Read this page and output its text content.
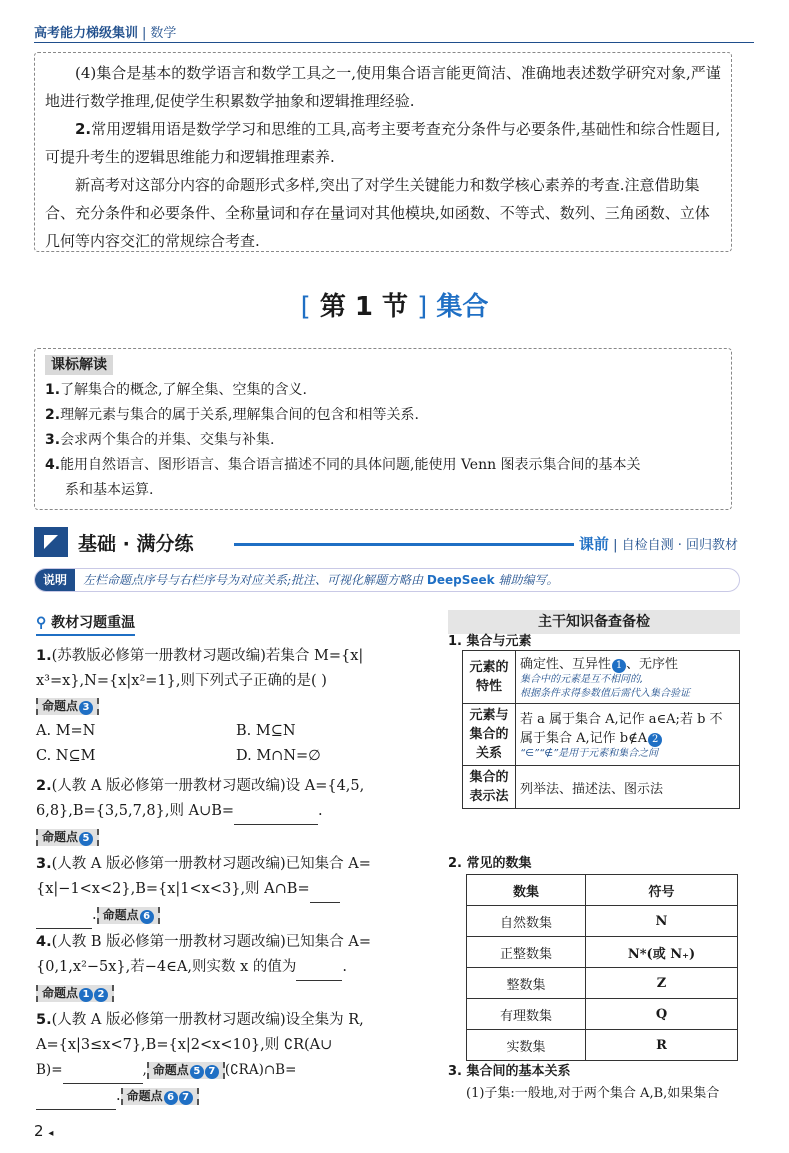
高考能力梯级集训 | 数学

(4)集合是基本的数学语言和数学工具之一,使用集合语言能更简洁、准确地表述数学研究对象,严谨地进行数学推理,促使学生积累数学抽象和逻辑推理经验.

2.常用逻辑用语是数学学习和思维的工具,高考主要考查充分条件与必要条件,基础性和综合性题目,可提升考生的逻辑思维能力和逻辑推理素养.

新高考对这部分内容的命题形式多样,突出了对学生关键能力和数学核心素养的考查.注意借助集合、充分条件和必要条件、全称量词和存在量词对其他模块,如函数、不等式、数列、三角函数、立体几何等内容交汇的常规综合考查.

[ 第 1 节 ] 集合
课标解读
1.了解集合的概念,了解全集、空集的含义.
2.理解元素与集合的属于关系,理解集合间的包含和相等关系.
3.会求两个集合的并集、交集与补集.
4.能用自然语言、图形语言、集合语言描述不同的具体问题,能使用 Venn 图表示集合间的基本关
系和基本运算.
基础 · 满分练	课前 | 自检自测 · 回归教材
说明 左栏命题点序号与右栏序号为对应关系;批注、可视化解题方略由 DeepSeek 辅助编写。
⚲ 教材习题重温
1.(苏教版必修第一册教材习题改编)若集合 M={x|
x³=x},N={x|x²=1},则下列式子正确的是( )
命题点 3
A. M=N	B. M⊆N
C. N⊆M	D. M∩N=∅
2.(人教 A 版必修第一册教材习题改编)设 A={4,5,
6,8},B={3,5,7,8},则 A∪B=	.
命题点 5
3.(人教 A 版必修第一册教材习题改编)已知集合 A=
{x|−1<x<2},B={x|1<x<3},则 A∩B=
. 命题点 6
4.(人教 B 版必修第一册教材习题改编)已知集合 A=
{0,1,x²−5x},若−4∈A,则实数 x 的值为	.
命题点 1 2
5.(人教 A 版必修第一册教材习题改编)设全集为 R,
A={x|3≤x<7},B={x|2<x<10},则 ∁R(A∪
B)=	, 命题点 5 7 (∁RA)∩B=
. 命题点 6 7
主干知识备查备检
1. 集合与元素
元素的特性	确定性、互异性 1 、无序性
集合中的元素是互不相同的,
根据条件求得参数值后需代入集合验证

元素与集合的关系	若 a 属于集合 A,记作 a∈A;若 b 不属于集合 A,记作 b∉A 2
“∈”“∉”是用于元素和集合之间

集合的表示法	列举法、描述法、图示法
2. 常见的数集
数集	符号
自然数集	N
正整数集	N*(或 N₊)
整数集	Z
有理数集	Q
实数集	R
3. 集合间的基本关系
(1)子集:一般地,对于两个集合 A,B,如果集合
2 ◂
